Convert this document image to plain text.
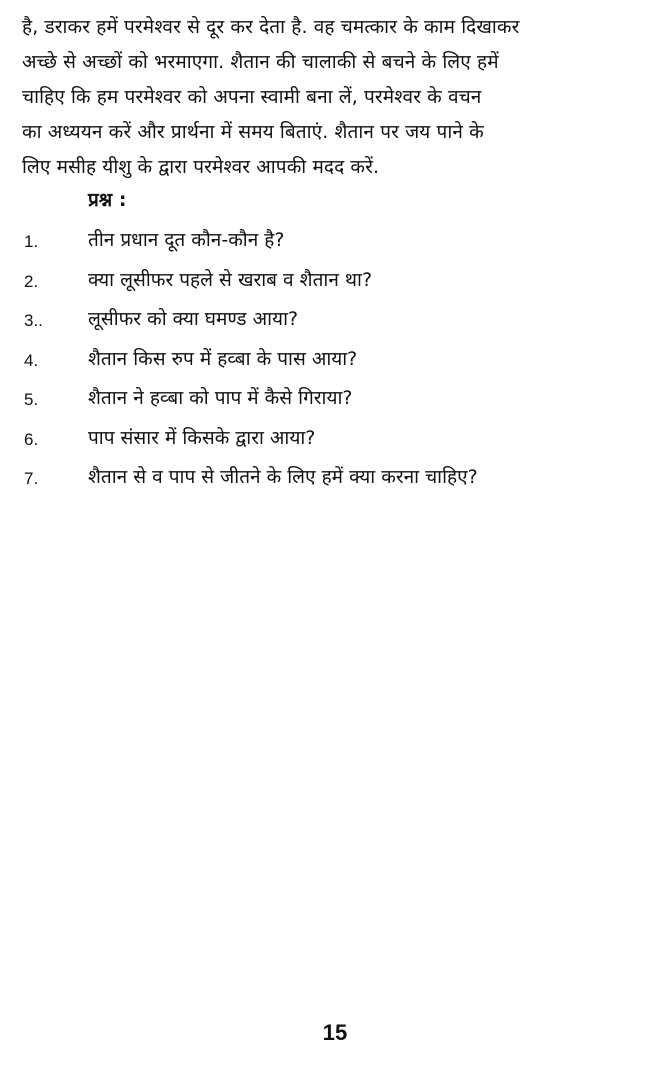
है, डराकर हमें परमेश्वर से दूर कर देता है. वह चमत्कार के काम दिखाकर
अच्छे से अच्छों को भरमाएगा. शैतान की चालाकी से बचने के लिए हमें
चाहिए कि हम परमेश्वर को अपना स्वामी बना लें, परमेश्वर के वचन
का अध्ययन करें और प्रार्थना में समय बिताएं. शैतान पर जय पाने के
लिए मसीह यीशु के द्वारा परमेश्वर आपकी मदद करें.
प्रश्न :
1.	तीन प्रधान दूत कौन-कौन है?
2.	क्या लूसीफर पहले से खराब व शैतान था?
3.. लूसीफर को क्या घमण्ड आया?
4.	शैतान किस रुप में हव्बा के पास आया?
5.	शैतान ने हव्बा को पाप में कैसे गिराया?
6.	पाप संसार में किसके द्वारा आया?
7.	शैतान से व पाप से जीतने के लिए हमें क्या करना चाहिए?
15
